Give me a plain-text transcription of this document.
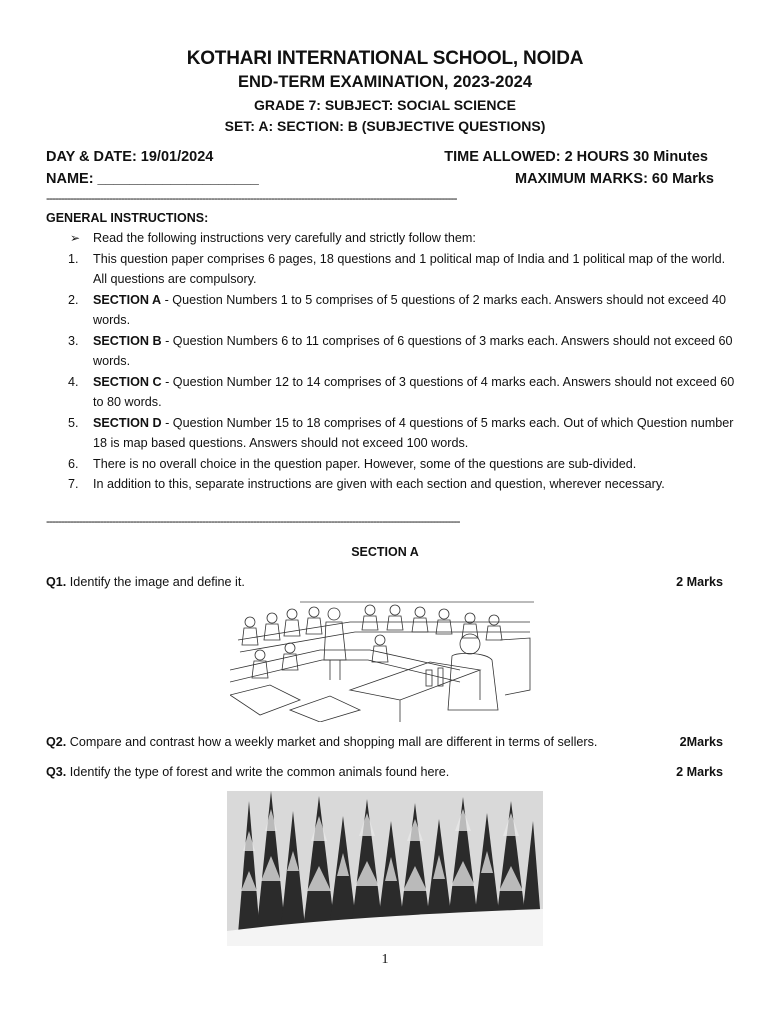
KOTHARI INTERNATIONAL SCHOOL, NOIDA
END-TERM EXAMINATION, 2023-2024
GRADE 7: SUBJECT: SOCIAL SCIENCE
SET: A: SECTION: B (SUBJECTIVE QUESTIONS)
DAY & DATE: 19/01/2024	TIME ALLOWED: 2 HOURS 30 Minutes
NAME: ____________________	MAXIMUM MARKS: 60 Marks
-----------------------------------------------------------------------------------------------------------------------------------------
GENERAL INSTRUCTIONS:
➢ Read the following instructions very carefully and strictly follow them:
1. This question paper comprises 6 pages, 18 questions and 1 political map of India and 1 political map of the world. All questions are compulsory.
2. SECTION A - Question Numbers 1 to 5 comprises of 5 questions of 2 marks each. Answers should not exceed 40 words.
3. SECTION B - Question Numbers 6 to 11 comprises of 6 questions of 3 marks each. Answers should not exceed 60 words.
4. SECTION C - Question Number 12 to 14 comprises of 3 questions of 4 marks each. Answers should not exceed 60 to 80 words.
5. SECTION D - Question Number 15 to 18 comprises of 4 questions of 5 marks each. Out of which Question number 18 is map based questions. Answers should not exceed 100 words.
6. There is no overall choice in the question paper. However, some of the questions are sub-divided.
7. In addition to this, separate instructions are given with each section and question, wherever necessary.
------------------------------------------------------------------------------------------------------------------------------------------
SECTION A
Q1. Identify the image and define it.	2 Marks
Q2. Compare and contrast how a weekly market and shopping mall are different in terms of sellers.	2Marks
Q3. Identify the type of forest and write the common animals found here.	2 Marks
1
